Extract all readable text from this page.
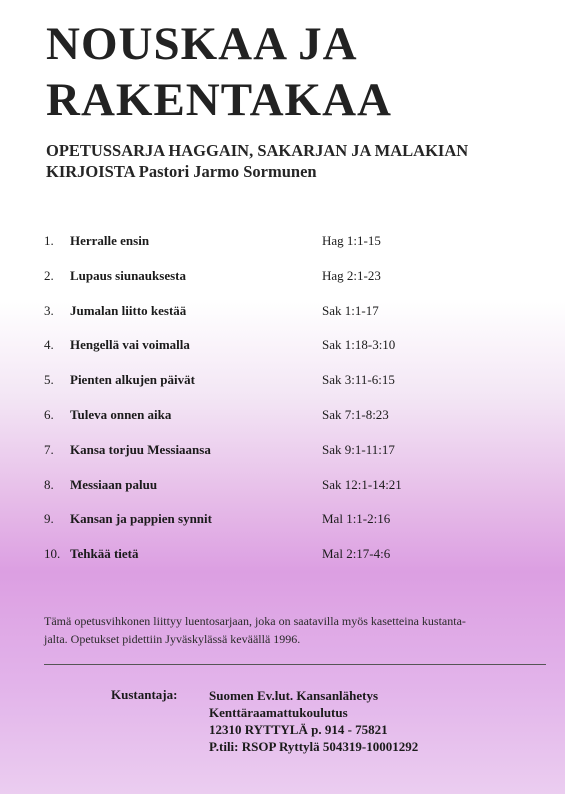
NOUSKAA JA
RAKENTAKAA
OPETUSSARJA HAGGAIN, SAKARJAN JA MALAKIAN
KIRJOISTA Pastori Jarmo Sormunen
1.	Herralle ensin	Hag 1:1-15
2.	Lupaus siunauksesta	Hag 2:1-23
3.	Jumalan liitto kestää	Sak 1:1-17
4.	Hengellä vai voimalla	Sak 1:18-3:10
5.	Pienten alkujen päivät	Sak 3:11-6:15
6.	Tuleva onnen aika	Sak 7:1-8:23
7.	Kansa torjuu Messiaansa	Sak 9:1-11:17
8.	Messiaan paluu	Sak 12:1-14:21
9.	Kansan ja pappien synnit	Mal 1:1-2:16
10. Tehkää tietä	Mal 2:17-4:6
Tämä opetusvihkonen liittyy luentosarjaan, joka on saatavilla myös kasetteina kustanta-
jalta. Opetukset pidettiin Jyväskylässä keväällä 1996.
Kustantaja: Suomen Ev.lut. Kansanlähetys
Kenttäraamattukoulutus
12310 RYTTYLÄ p. 914 - 75821
P.tili: RSOP Ryttylä 504319-10001292
